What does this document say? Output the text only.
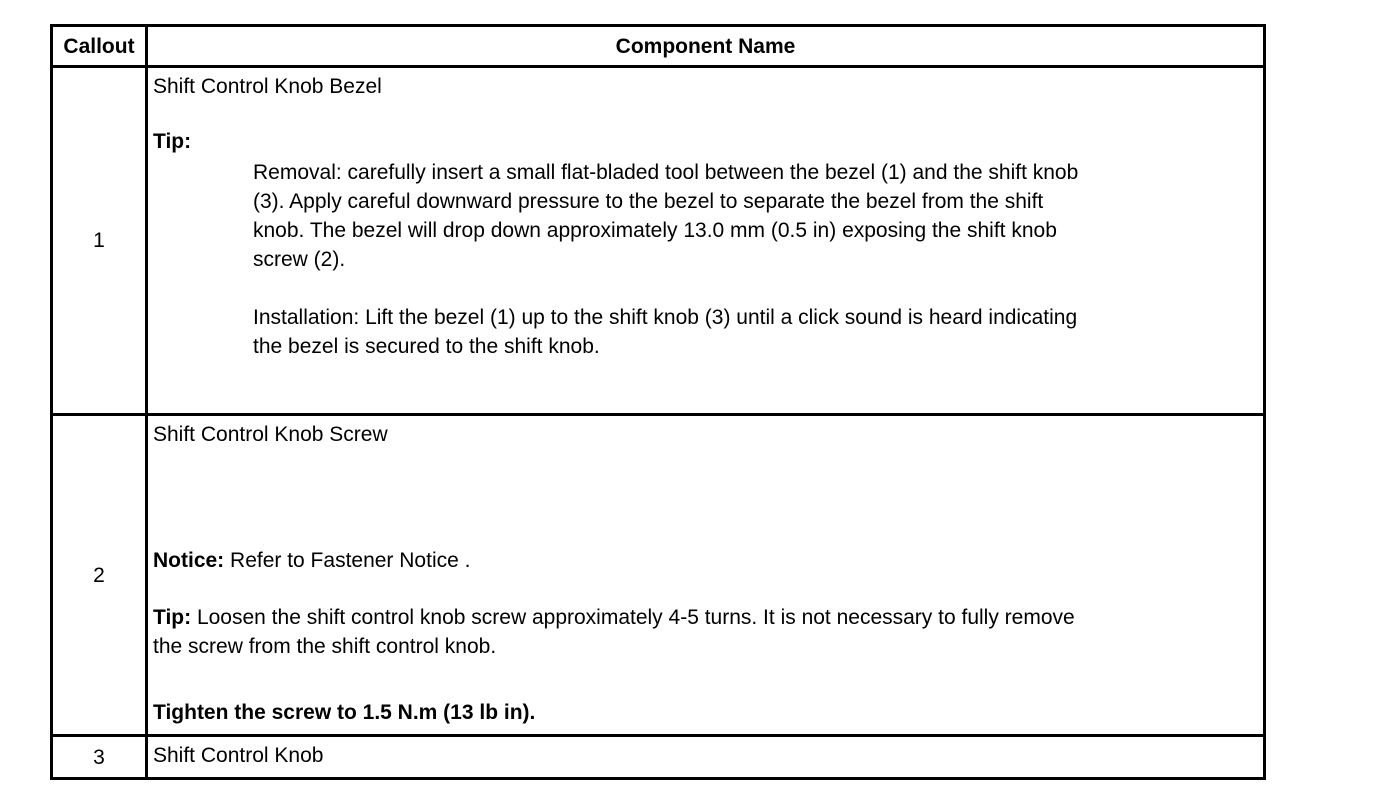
Callout	Component Name
1

Shift Control Knob Bezel

Tip:

Removal: carefully insert a small flat-bladed tool between the bezel (1) and the shift knob
(3). Apply careful downward pressure to the bezel to separate the bezel from the shift
knob. The bezel will drop down approximately 13.0 mm (0.5 in) exposing the shift knob
screw (2).
Installation: Lift the bezel (1) up to the shift knob (3) until a click sound is heard indicating
the bezel is secured to the shift knob.
2

Shift Control Knob Screw

Notice: Refer to Fastener Notice .

Tip: Loosen the shift control knob screw approximately 4-5 turns. It is not necessary to fully remove
the screw from the shift control knob.

Tighten the screw to 1.5 N.m (13 lb in).

3	Shift Control Knob
